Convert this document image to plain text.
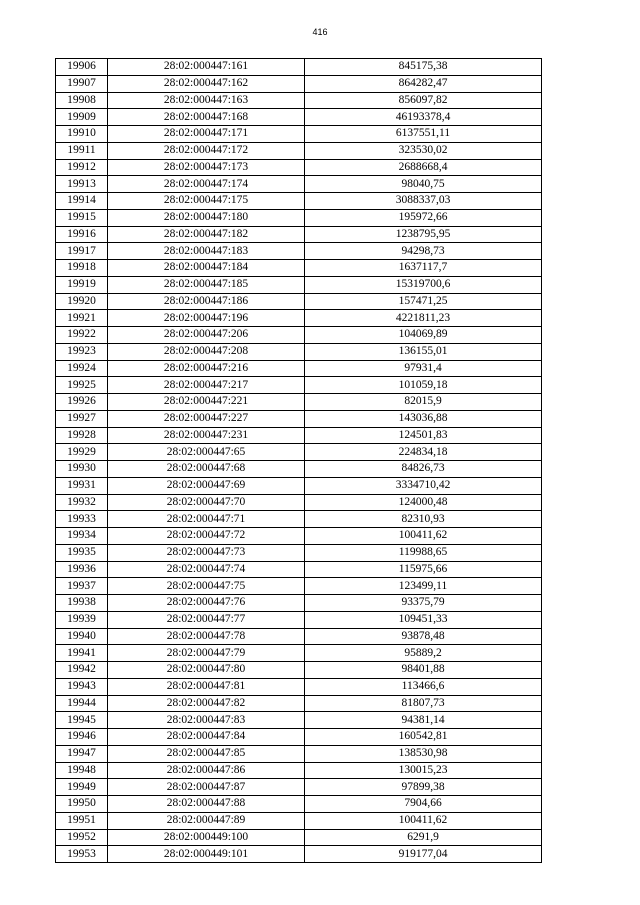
416
19906	28:02:000447:161	845175,38
19907	28:02:000447:162	864282,47
19908	28:02:000447:163	856097,82
19909	28:02:000447:168	46193378,4
19910	28:02:000447:171	6137551,11
19911	28:02:000447:172	323530,02
19912	28:02:000447:173	2688668,4
19913	28:02:000447:174	98040,75
19914	28:02:000447:175	3088337,03
19915	28:02:000447:180	195972,66
19916	28:02:000447:182	1238795,95
19917	28:02:000447:183	94298,73
19918	28:02:000447:184	1637117,7
19919	28:02:000447:185	15319700,6
19920	28:02:000447:186	157471,25
19921	28:02:000447:196	4221811,23
19922	28:02:000447:206	104069,89
19923	28:02:000447:208	136155,01
19924	28:02:000447:216	97931,4
19925	28:02:000447:217	101059,18
19926	28:02:000447:221	82015,9
19927	28:02:000447:227	143036,88
19928	28:02:000447:231	124501,83
19929	28:02:000447:65	224834,18
19930	28:02:000447:68	84826,73
19931	28:02:000447:69	3334710,42
19932	28:02:000447:70	124000,48
19933	28:02:000447:71	82310,93
19934	28:02:000447:72	100411,62
19935	28:02:000447:73	119988,65
19936	28:02:000447:74	115975,66
19937	28:02:000447:75	123499,11
19938	28:02:000447:76	93375,79
19939	28:02:000447:77	109451,33
19940	28:02:000447:78	93878,48
19941	28:02:000447:79	95889,2
19942	28:02:000447:80	98401,88
19943	28:02:000447:81	113466,6
19944	28:02:000447:82	81807,73
19945	28:02:000447:83	94381,14
19946	28:02:000447:84	160542,81
19947	28:02:000447:85	138530,98
19948	28:02:000447:86	130015,23
19949	28:02:000447:87	97899,38
19950	28:02:000447:88	7904,66
19951	28:02:000447:89	100411,62
19952	28:02:000449:100	6291,9
19953	28:02:000449:101	919177,04
